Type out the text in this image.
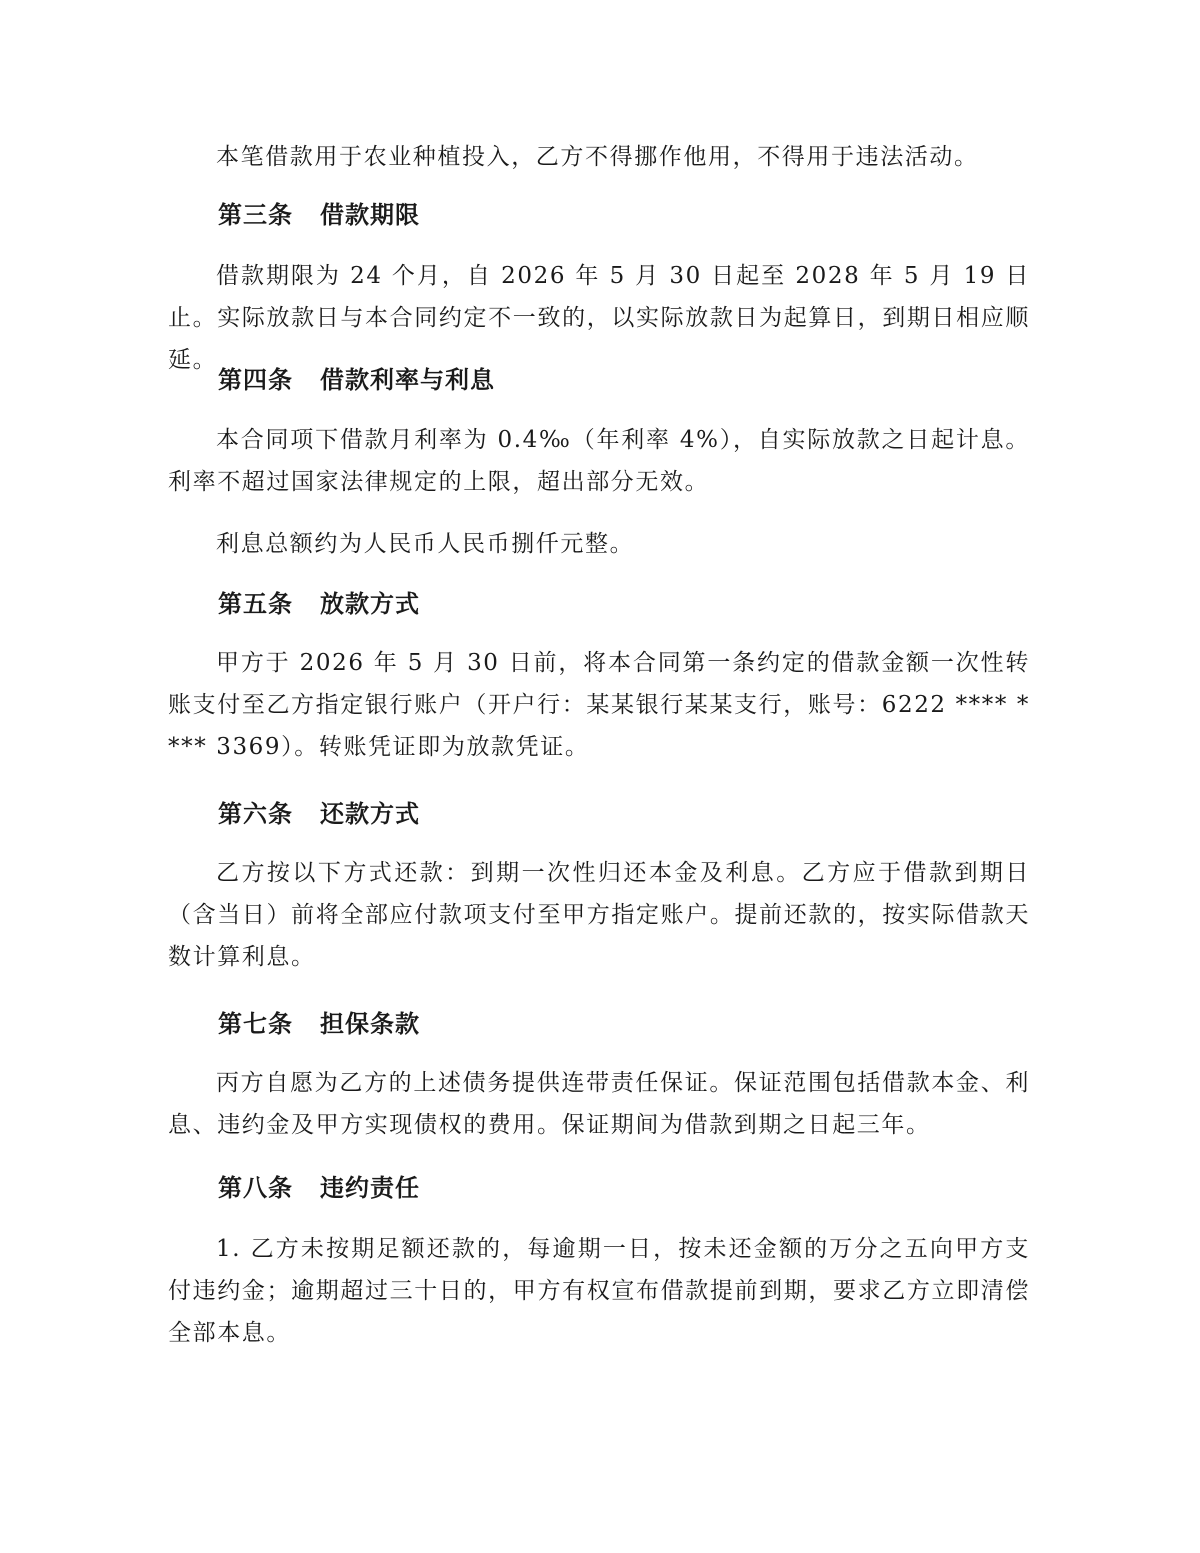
本笔借款用于农业种植投入，乙方不得挪作他用，不得用于违法活动。

第三条 借款期限

借款期限为 24 个月，自 2026 年 5 月 30 日起至 2028 年 5 月 19 日止。实际放款日与本合同约定不一致的，以实际放款日为起算日，到期日相应顺延。

第四条 借款利率与利息

本合同项下借款月利率为 0.4‰（年利率 4%），自实际放款之日起计息。利率不超过国家法律规定的上限，超出部分无效。

利息总额约为人民币人民币捌仟元整。

第五条 放款方式

甲方于 2026 年 5 月 30 日前，将本合同第一条约定的借款金额一次性转账支付至乙方指定银行账户（开户行：某某银行某某支行，账号：6222 **** **** 3369）。转账凭证即为放款凭证。

第六条 还款方式

乙方按以下方式还款：到期一次性归还本金及利息。乙方应于借款到期日（含当日）前将全部应付款项支付至甲方指定账户。提前还款的，按实际借款天数计算利息。

第七条 担保条款

丙方自愿为乙方的上述债务提供连带责任保证。保证范围包括借款本金、利息、违约金及甲方实现债权的费用。保证期间为借款到期之日起三年。

第八条 违约责任

1. 乙方未按期足额还款的，每逾期一日，按未还金额的万分之五向甲方支付违约金；逾期超过三十日的，甲方有权宣布借款提前到期，要求乙方立即清偿全部本息。
